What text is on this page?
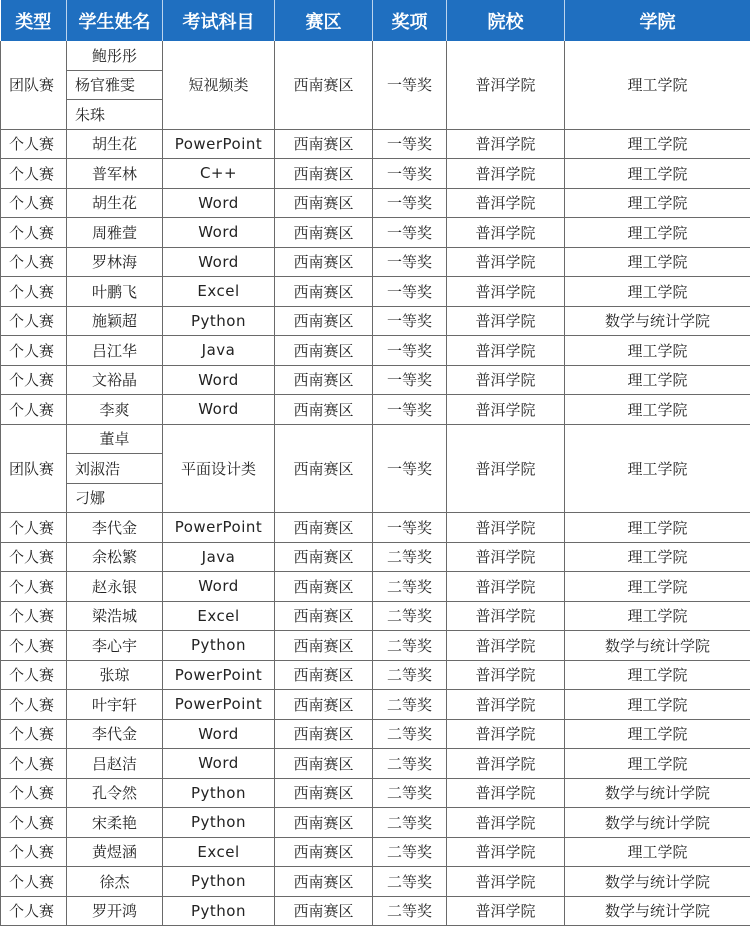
类型	学生姓名	考试科目	赛区	奖项	院校	学院
团队赛	鲍彤彤	短视频类	西南赛区	一等奖	普洱学院	理工学院
	杨官雅雯					
	朱珠					
个人赛	胡生花	PowerPoint	西南赛区	一等奖	普洱学院	理工学院
个人赛	普军林	C++	西南赛区	一等奖	普洱学院	理工学院
个人赛	胡生花	Word	西南赛区	一等奖	普洱学院	理工学院
个人赛	周雅萱	Word	西南赛区	一等奖	普洱学院	理工学院
个人赛	罗林海	Word	西南赛区	一等奖	普洱学院	理工学院
个人赛	叶鹏飞	Excel	西南赛区	一等奖	普洱学院	理工学院
个人赛	施颖超	Python	西南赛区	一等奖	普洱学院	数学与统计学院
个人赛	吕江华	Java	西南赛区	一等奖	普洱学院	理工学院
个人赛	文裕晶	Word	西南赛区	一等奖	普洱学院	理工学院
个人赛	李爽	Word	西南赛区	一等奖	普洱学院	理工学院
团队赛	董卓	平面设计类	西南赛区	一等奖	普洱学院	理工学院
	刘淑浩					
	刁娜					
个人赛	李代金	PowerPoint	西南赛区	一等奖	普洱学院	理工学院
个人赛	余松繁	Java	西南赛区	二等奖	普洱学院	理工学院
个人赛	赵永银	Word	西南赛区	二等奖	普洱学院	理工学院
个人赛	梁浩城	Excel	西南赛区	二等奖	普洱学院	理工学院
个人赛	李心宇	Python	西南赛区	二等奖	普洱学院	数学与统计学院
个人赛	张琼	PowerPoint	西南赛区	二等奖	普洱学院	理工学院
个人赛	叶宇轩	PowerPoint	西南赛区	二等奖	普洱学院	理工学院
个人赛	李代金	Word	西南赛区	二等奖	普洱学院	理工学院
个人赛	吕赵洁	Word	西南赛区	二等奖	普洱学院	理工学院
个人赛	孔令然	Python	西南赛区	二等奖	普洱学院	数学与统计学院
个人赛	宋柔艳	Python	西南赛区	二等奖	普洱学院	数学与统计学院
个人赛	黄煜涵	Excel	西南赛区	二等奖	普洱学院	理工学院
个人赛	徐杰	Python	西南赛区	二等奖	普洱学院	数学与统计学院
个人赛	罗开鸿	Python	西南赛区	二等奖	普洱学院	数学与统计学院
